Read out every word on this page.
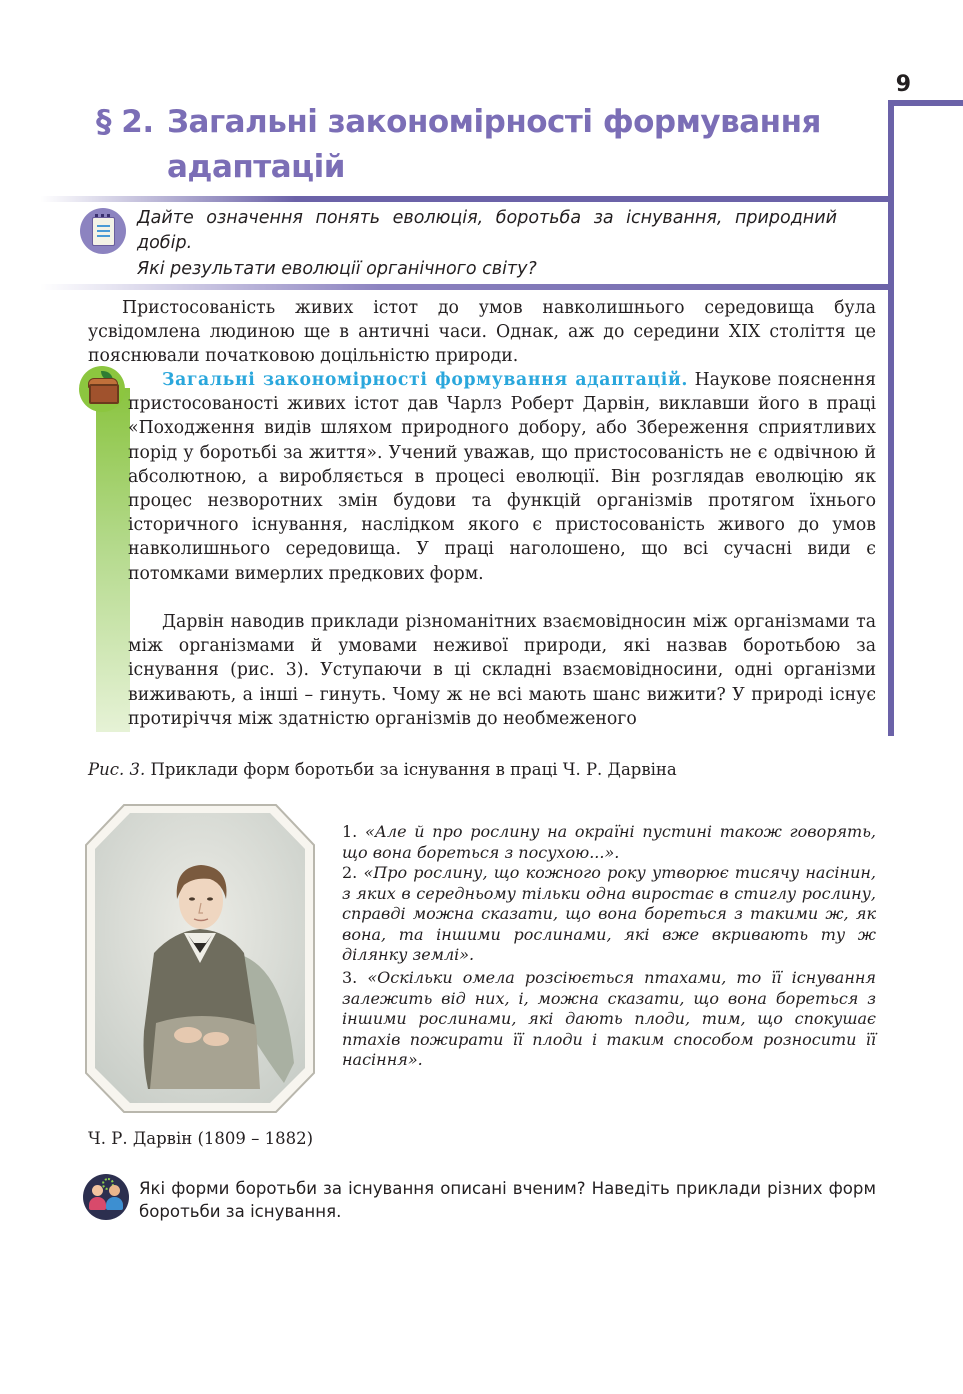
9
§ 2. Загальні закономірності формування
адаптацій
Дайте означення понять еволюція, боротьба за існування, природний добір.
Які результати еволюції органічного світу?
Пристосованість живих істот до умов навколишнього середовища була усвідомлена людиною ще в античні часи. Однак, аж до середини XIX століття це пояснювали початковою доцільністю природи.
Загальні закономірності формування адаптацій. Наукове пояснення пристосованості живих істот дав Чарлз Роберт Дарвін, виклавши його в праці «Походження видів шляхом природного добору, або Збереження сприятливих порід у боротьбі за життя». Учений уважав, що пристосованість не є одвічною й абсолютною, а виробляється в процесі еволюції. Він розглядав еволюцію як процес незворотних змін будови та функцій організмів протягом їхнього історичного існування, наслідком якого є пристосованість живого до умов навколишнього середовища. У праці наголошено, що всі сучасні види є потомками вимерлих предкових форм.
Дарвін наводив приклади різноманітних взаємовідносин між організмами та між організмами й умовами неживої природи, які назвав боротьбою за існування (рис. 3). Уступаючи в ці складні взаємовідносини, одні організми виживають, а інші – гинуть. Чому ж не всі мають шанс вижити? У природі існує протиріччя між здатністю організмів до необмеженого
Рис. 3. Приклади форм боротьби за існування в праці Ч. Р. Дарвіна
Ч. Р. Дарвін (1809 – 1882)
1. «Але й про рослину на окраїні пустині також говорять, що вона бореться з посухою...».
2. «Про рослину, що кожного року утворює тисячу насінин, з яких в середньому тільки одна виростає в стиглу рослину, справді можна сказати, що вона бореться з такими ж, як вона, та іншими рослинами, які вже вкривають ту ж ділянку землі».
3. «Оскільки омела розсіюється птахами, то її існування залежить від них, і, можна сказати, що вона бореться з іншими рослинами, які дають плоди, тим, що спокушає птахів пожирати її плоди і таким способом розносити її насіння».
Які форми боротьби за існування описані вченим? Наведіть приклади різних форм боротьби за існування.
